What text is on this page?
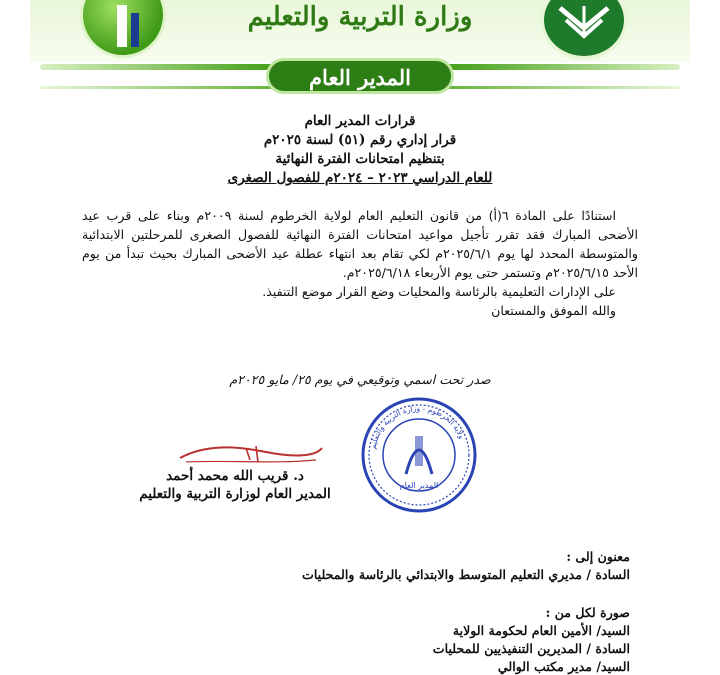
وزارة التربية والتعليم
المدير العام
قرارات المدير العام
قرار إداري رقم (٥١) لسنة ٢٠٢٥م
بتنظيم امتحانات الفترة النهائية
للعام الدراسي ٢٠٢٣ – ٢٠٢٤م للفصول الصغرى

استنادًا على المادة ٦(أ) من قانون التعليم العام لولاية الخرطوم لسنة ٢٠٠٩م وبناء على قرب عيد الأضحى المبارك فقد تقرر تأجيل مواعيد امتحانات الفترة النهائية للفصول الصغرى للمرحلتين الابتدائية والمتوسطة المحدد لها يوم ٢٠٢٥/٦/١م لكي تقام بعد انتهاء عطلة عيد الأضحى المبارك بحيث تبدأ من يوم الأحد ٢٠٢٥/٦/١٥م وتستمر حتى يوم الأربعاء ٢٠٢٥/٦/١٨م.

على الإدارات التعليمية بالرئاسة والمحليات وضع القرار موضع التنفيذ.

والله الموفق والمستعان

صدر تحت اسمي وتوقيعي في يوم ٢٥/ مايو ٢٠٢٥م
ولاية الخرطوم - وزارة التربية والتعليم
المدير العام
د. قريب الله محمد أحمد
المدير العام لوزارة التربية والتعليم
معنون إلى :
السادة / مديري التعليم المتوسط والابتدائي بالرئاسة والمحليات
صورة لكل من :
السيد/ الأمين العام لحكومة الولاية
السادة / المديرين التنفيذيين للمحليات
السيد/ مدير مكتب الوالي
